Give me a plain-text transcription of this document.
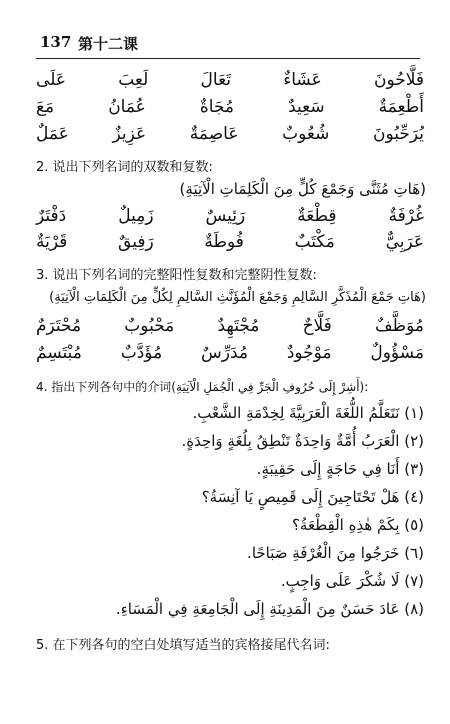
137 第十二课
عَلَى	لَعِبَ	تَعَالَ	عَشَاءٌ	فَلَّاحُونَ
مَعَ	عُمَانُ	مُجَاةٌ	سَعِيدٌ	أَطْعِمَةٌ
عَمَلٌ	عَزِيزٌ	عَاصِمَةٌ	شُعُوبٌ	يُرَحِّبُونَ
2. 说出下列名词的双数和复数:
(هَاتِ مُثَنَّى وَجَمْعَ كُلٍّ مِنَ الْكَلِمَاتِ الْآتِيَةِ)
دَفْتَرٌ	زَمِيلٌ	رَئِيسٌ	قِطْعَةٌ	غُرْفَةٌ
قَرْيَةٌ	رَفِيقٌ	فُوطَةٌ	مَكْتَبٌ	عَرَبِيٌّ
3. 说出下列名词的完整阳性复数和完整阴性复数:
(هَاتِ جَمْعَ الْمُذَكَّرِ السَّالِمِ وَجَمْعَ الْمُؤَنَّثِ السَّالِمِ لِكُلٍّ مِنَ الْكَلِمَاتِ الْآتِيَةِ)
مُحْتَرَمٌ	مَحْبُوبٌ	مُجْتَهِدٌ	فَلَّاحٌ	مُوَظَّفٌ
مُبْتَسِمٌ مُؤَدَّبٌ مُدَرِّسٌ مَوْجُودٌ مَسْؤُولٌ
4. 指出下列各句中的介词(أَشِرْ إِلَى حُرُوفِ الْجَرِّ فِي الْجُمَلِ الْآتِيَةِ):
(١) نَتَعَلَّمُ اللُّغَةَ الْعَرَبِيَّةَ لِخِدْمَةِ الشَّعْبِ.
(٢) الْعَرَبُ أُمَّةٌ وَاحِدَةٌ تَنْطِقُ بِلُغَةٍ وَاحِدَةٍ.
(٣) أَنَا فِي حَاجَةٍ إِلَى حَقِيبَةٍ.
(٤) هَلْ تَحْتَاجِينَ إِلَى قَمِيصٍ يَا آنِسَةُ؟
(٥) بِكَمْ هٰذِهِ الْقِطْعَةُ؟
(٦) خَرَجُوا مِنَ الْغُرْفَةِ صَبَاحًا.
(٧) لَا شُكْرَ عَلَى وَاجِبٍ.
(٨) عَادَ حَسَنٌ مِنَ الْمَدِينَةِ إِلَى الْجَامِعَةِ فِي الْمَسَاءِ.
5. 在下列各句的空白处填写适当的宾格接尾代名词:
